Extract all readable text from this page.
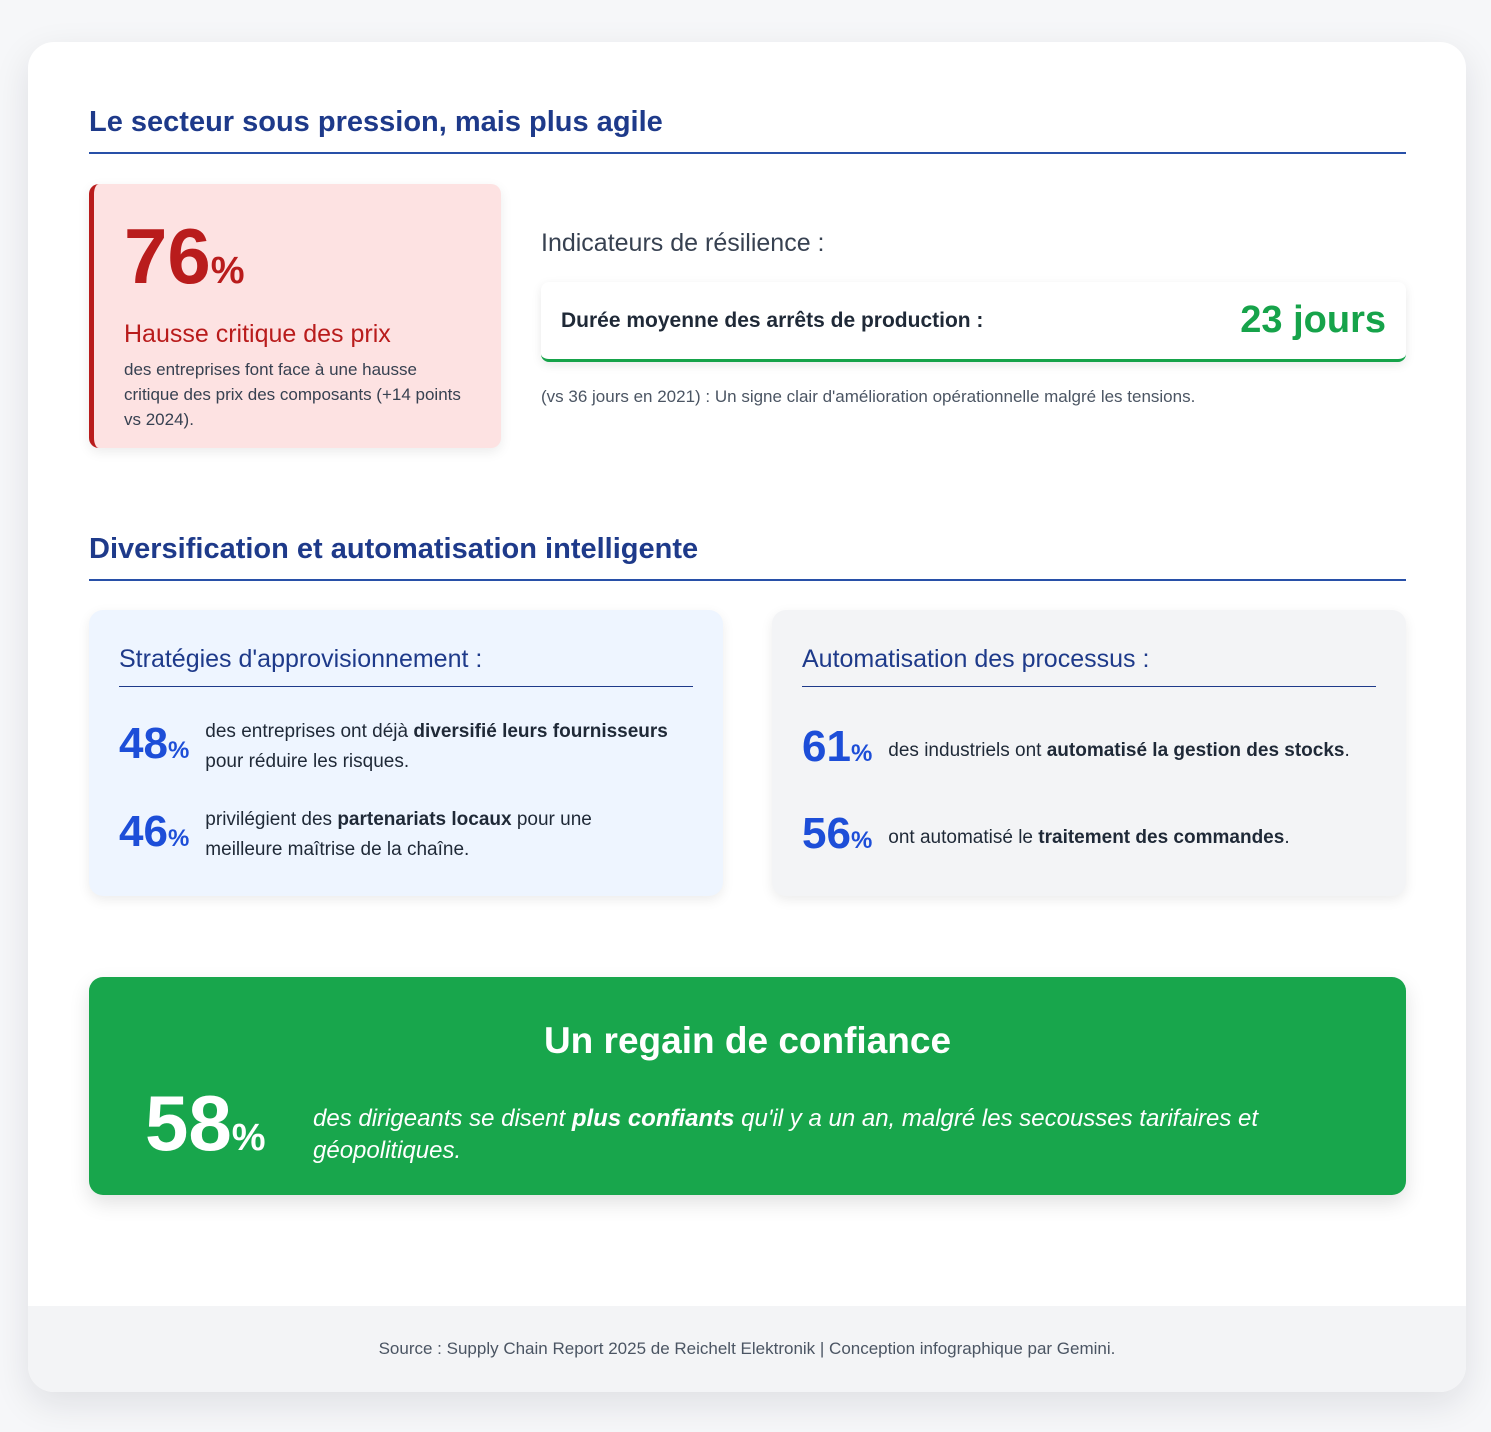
Le secteur sous pression, mais plus agile
76%
Hausse critique des prix
des entreprises font face à une hausse critique des prix des composants (+14 points vs 2024).
Indicateurs de résilience :
Durée moyenne des arrêts de production :	23 jours
(vs 36 jours en 2021) : Un signe clair d'amélioration opérationnelle malgré les tensions.
Diversification et automatisation intelligente
Stratégies d'approvisionnement :
48%
des entreprises ont déjà diversifié leurs fournisseurs pour réduire les risques.
46%
privilégient des partenariats locaux pour une meilleure maîtrise de la chaîne.
Automatisation des processus :
61% des industriels ont automatisé la gestion des stocks.
56% ont automatisé le traitement des commandes.
Un regain de confiance
58% des dirigeants se disent plus confiants qu'il y a un an, malgré les secousses tarifaires et géopolitiques.
Source : Supply Chain Report 2025 de Reichelt Elektronik | Conception infographique par Gemini.
